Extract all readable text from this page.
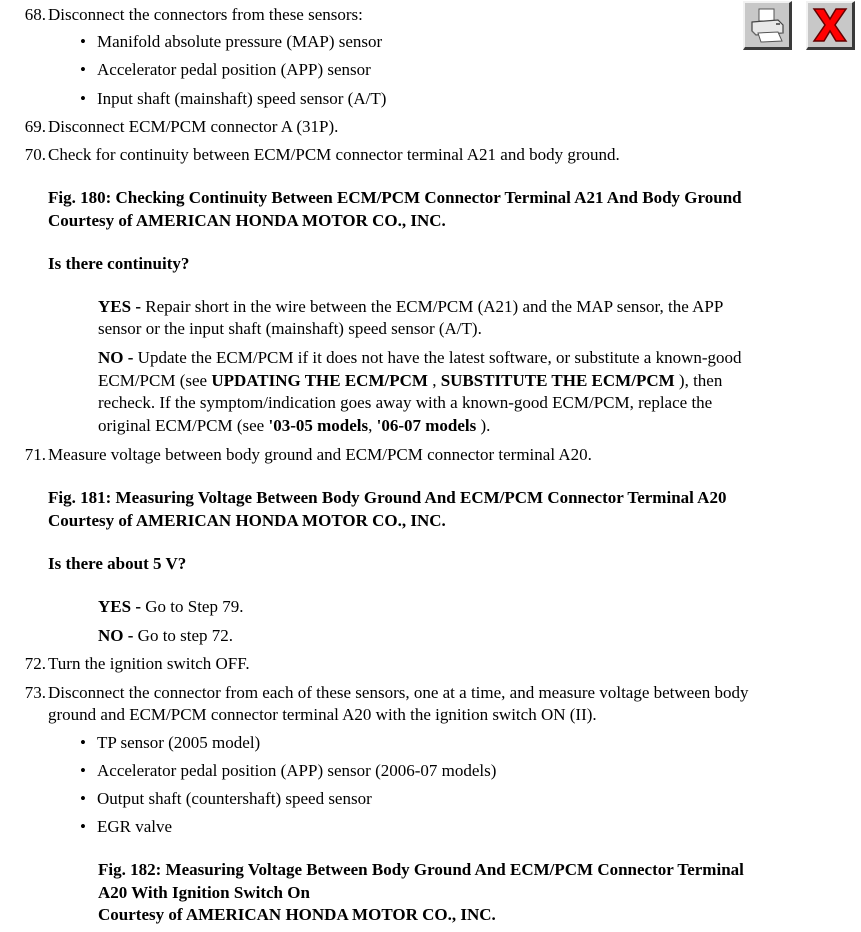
68. Disconnect the connectors from these sensors:
• Manifold absolute pressure (MAP) sensor
• Accelerator pedal position (APP) sensor
• Input shaft (mainshaft) speed sensor (A/T)
69. Disconnect ECM/PCM connector A (31P).
70. Check for continuity between ECM/PCM connector terminal A21 and body ground.
Fig. 180: Checking Continuity Between ECM/PCM Connector Terminal A21 And Body Ground
Courtesy of AMERICAN HONDA MOTOR CO., INC.
Is there continuity?
YES - Repair short in the wire between the ECM/PCM (A21) and the MAP sensor, the APP
sensor or the input shaft (mainshaft) speed sensor (A/T).
NO - Update the ECM/PCM if it does not have the latest software, or substitute a known-good
ECM/PCM (see UPDATING THE ECM/PCM , SUBSTITUTE THE ECM/PCM ), then
recheck. If the symptom/indication goes away with a known-good ECM/PCM, replace the
original ECM/PCM (see '03-05 models, '06-07 models ).
71. Measure voltage between body ground and ECM/PCM connector terminal A20.
Fig. 181: Measuring Voltage Between Body Ground And ECM/PCM Connector Terminal A20
Courtesy of AMERICAN HONDA MOTOR CO., INC.
Is there about 5 V?
YES - Go to Step 79.
NO - Go to step 72.
72. Turn the ignition switch OFF.
73. Disconnect the connector from each of these sensors, one at a time, and measure voltage between body
ground and ECM/PCM connector terminal A20 with the ignition switch ON (II).
• TP sensor (2005 model)
• Accelerator pedal position (APP) sensor (2006-07 models)
• Output shaft (countershaft) speed sensor
• EGR valve
Fig. 182: Measuring Voltage Between Body Ground And ECM/PCM Connector Terminal
A20 With Ignition Switch On
Courtesy of AMERICAN HONDA MOTOR CO., INC.
